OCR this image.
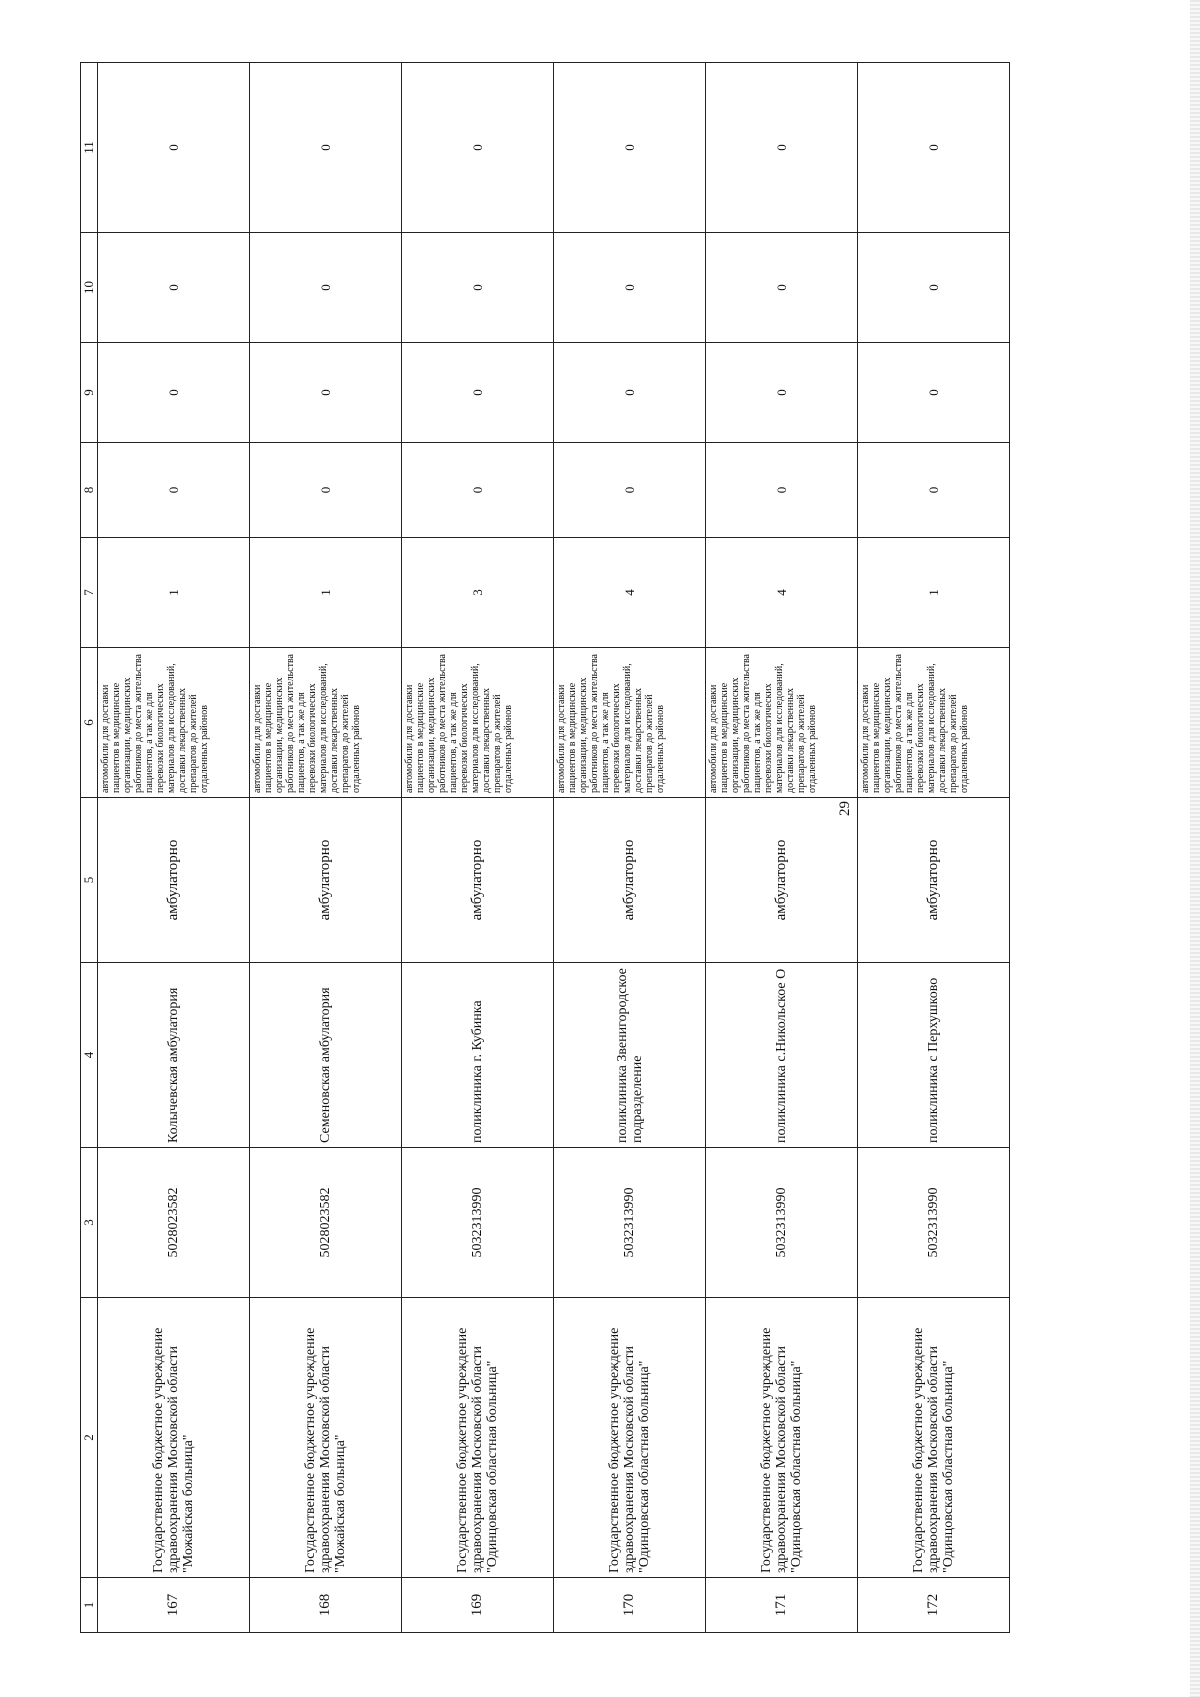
29
1	2	3	4	5	6	7	8	9	10	11
167	Государственное бюджетное учреждение здравоохранения Московской области "Можайская больница"	5028023582	Колычевская амбулатория	амбулаторно	автомобили для доставки пациентов в медицинские организации, медицинских работников до места жительства пациентов, а так же для перевозки биологических материалов для исследований, доставки лекарственных препаратов до жителей отдаленных районов	1	0	0	0	0
168	Государственное бюджетное учреждение здравоохранения Московской области "Можайская больница"	5028023582	Семеновская амбулатория	амбулаторно	автомобили для доставки пациентов в медицинские организации, медицинских работников до места жительства пациентов, а так же для перевозки биологических материалов для исследований, доставки лекарственных препаратов до жителей отдаленных районов	1	0	0	0	0
169	Государственное бюджетное учреждение здравоохранения Московской области "Одинцовская областная больница"	5032313990	поликлиника г. Кубинка	амбулаторно	автомобили для доставки пациентов в медицинские организации, медицинских работников до места жительства пациентов, а так же для перевозки биологических материалов для исследований, доставки лекарственных препаратов до жителей отдаленных районов	3	0	0	0	0
170	Государственное бюджетное учреждение здравоохранения Московской области "Одинцовская областная больница"	5032313990	поликлиника Звенигородское подразделение	амбулаторно	автомобили для доставки пациентов в медицинские организации, медицинских работников до места жительства пациентов, а так же для перевозки биологических материалов для исследований, доставки лекарственных препаратов до жителей отдаленных районов	4	0	0	0	0
171	Государственное бюджетное учреждение здравоохранения Московской области "Одинцовская областная больница"	5032313990	поликлиника с.Никольское О	амбулаторно	автомобили для доставки пациентов в медицинские организации, медицинских работников до места жительства пациентов, а так же для перевозки биологических материалов для исследований, доставки лекарственных препаратов до жителей отдаленных районов	4	0	0	0	0
172	Государственное бюджетное учреждение здравоохранения Московской области "Одинцовская областная больница"	5032313990	поликлиника с Перхушково	амбулаторно	автомобили для доставки пациентов в медицинские организации, медицинских работников до места жительства пациентов, а так же для перевозки биологических материалов для исследований, доставки лекарственных препаратов до жителей отдаленных районов	1	0	0	0	0
